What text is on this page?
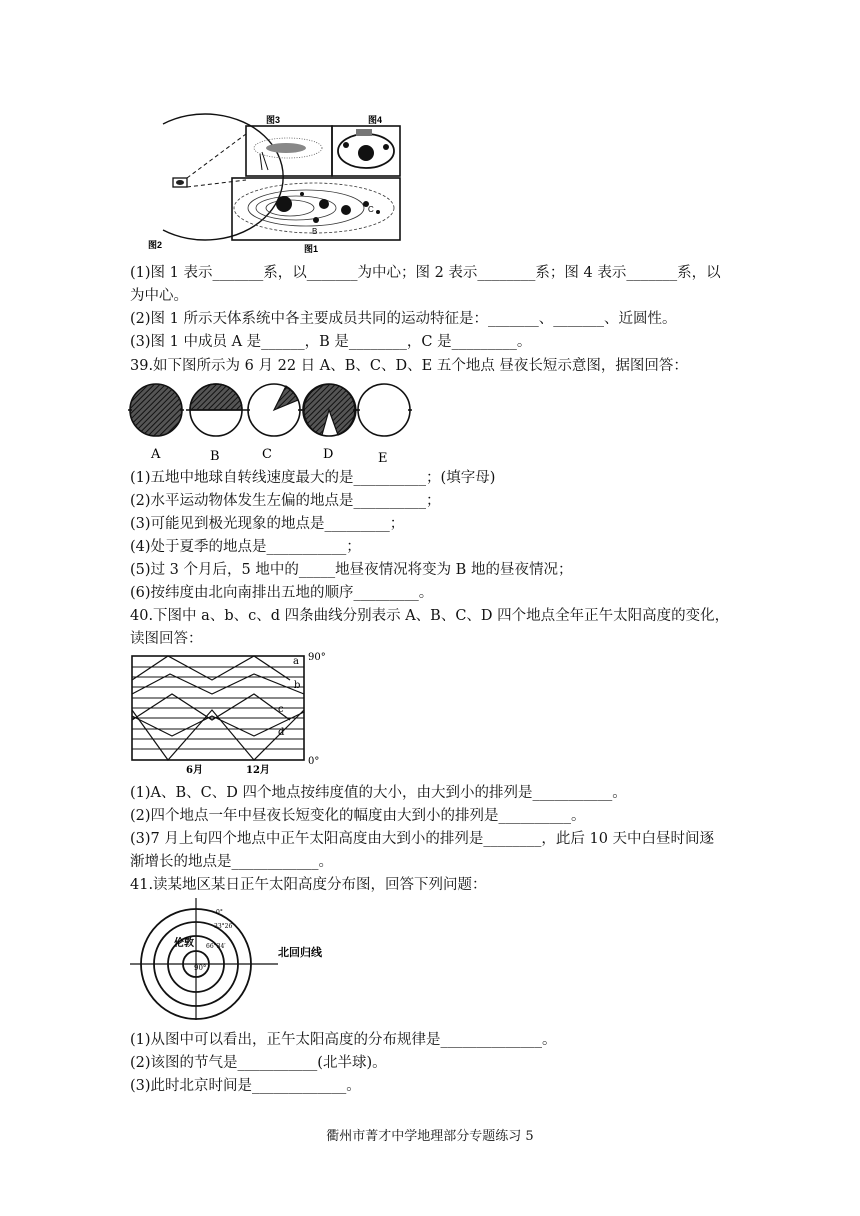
C
B
图3	图4
图1
图2
(1)图 1 表示_______系，以_______为中心；图 2 表示________系；图 4 表示_______系，以
为中心。
(2)图 1 所示天体系统中各主要成员共同的运动特征是：_______、_______、近圆性。
(3)图 1 中成员 A 是______，B 是________，C 是_________。
39.如下图所示为 6 月 22 日 A、B、C、D、E 五个地点 昼夜长短示意图，据图回答：
A	B	C	D	E
(1)五地中地球自转线速度最大的是__________；(填字母)
(2)水平运动物体发生左偏的地点是__________；
(3)可能见到极光现象的地点是_________；
(4)处于夏季的地点是___________；
(5)过 3 个月后，5 地中的_____地昼夜情况将变为 B 地的昼夜情况；
(6)按纬度由北向南排出五地的顺序_________。
40.下图中 a、b、c、d 四条曲线分别表示 A、B、C、D 四个地点全年正午太阳高度的变化，
读图回答：
90°
0°
a
b
c
d
6月	12月
(1)A、B、C、D 四个地点按纬度值的大小，由大到小的排列是___________。
(2)四个地点一年中昼夜长短变化的幅度由大到小的排列是__________。
(3)7 月上旬四个地点中正午太阳高度由大到小的排列是________，此后 10 天中白昼时间逐
渐增长的地点是____________。
41.读某地区某日正午太阳高度分布图，回答下列问题：
0°
33°26′
66°34′
90°
伦敦
北回归线
(1)从图中可以看出，正午太阳高度的分布规律是______________。
(2)该图的节气是___________(北半球)。
(3)此时北京时间是_____________。
衢州市菁才中学地理部分专题练习 5
